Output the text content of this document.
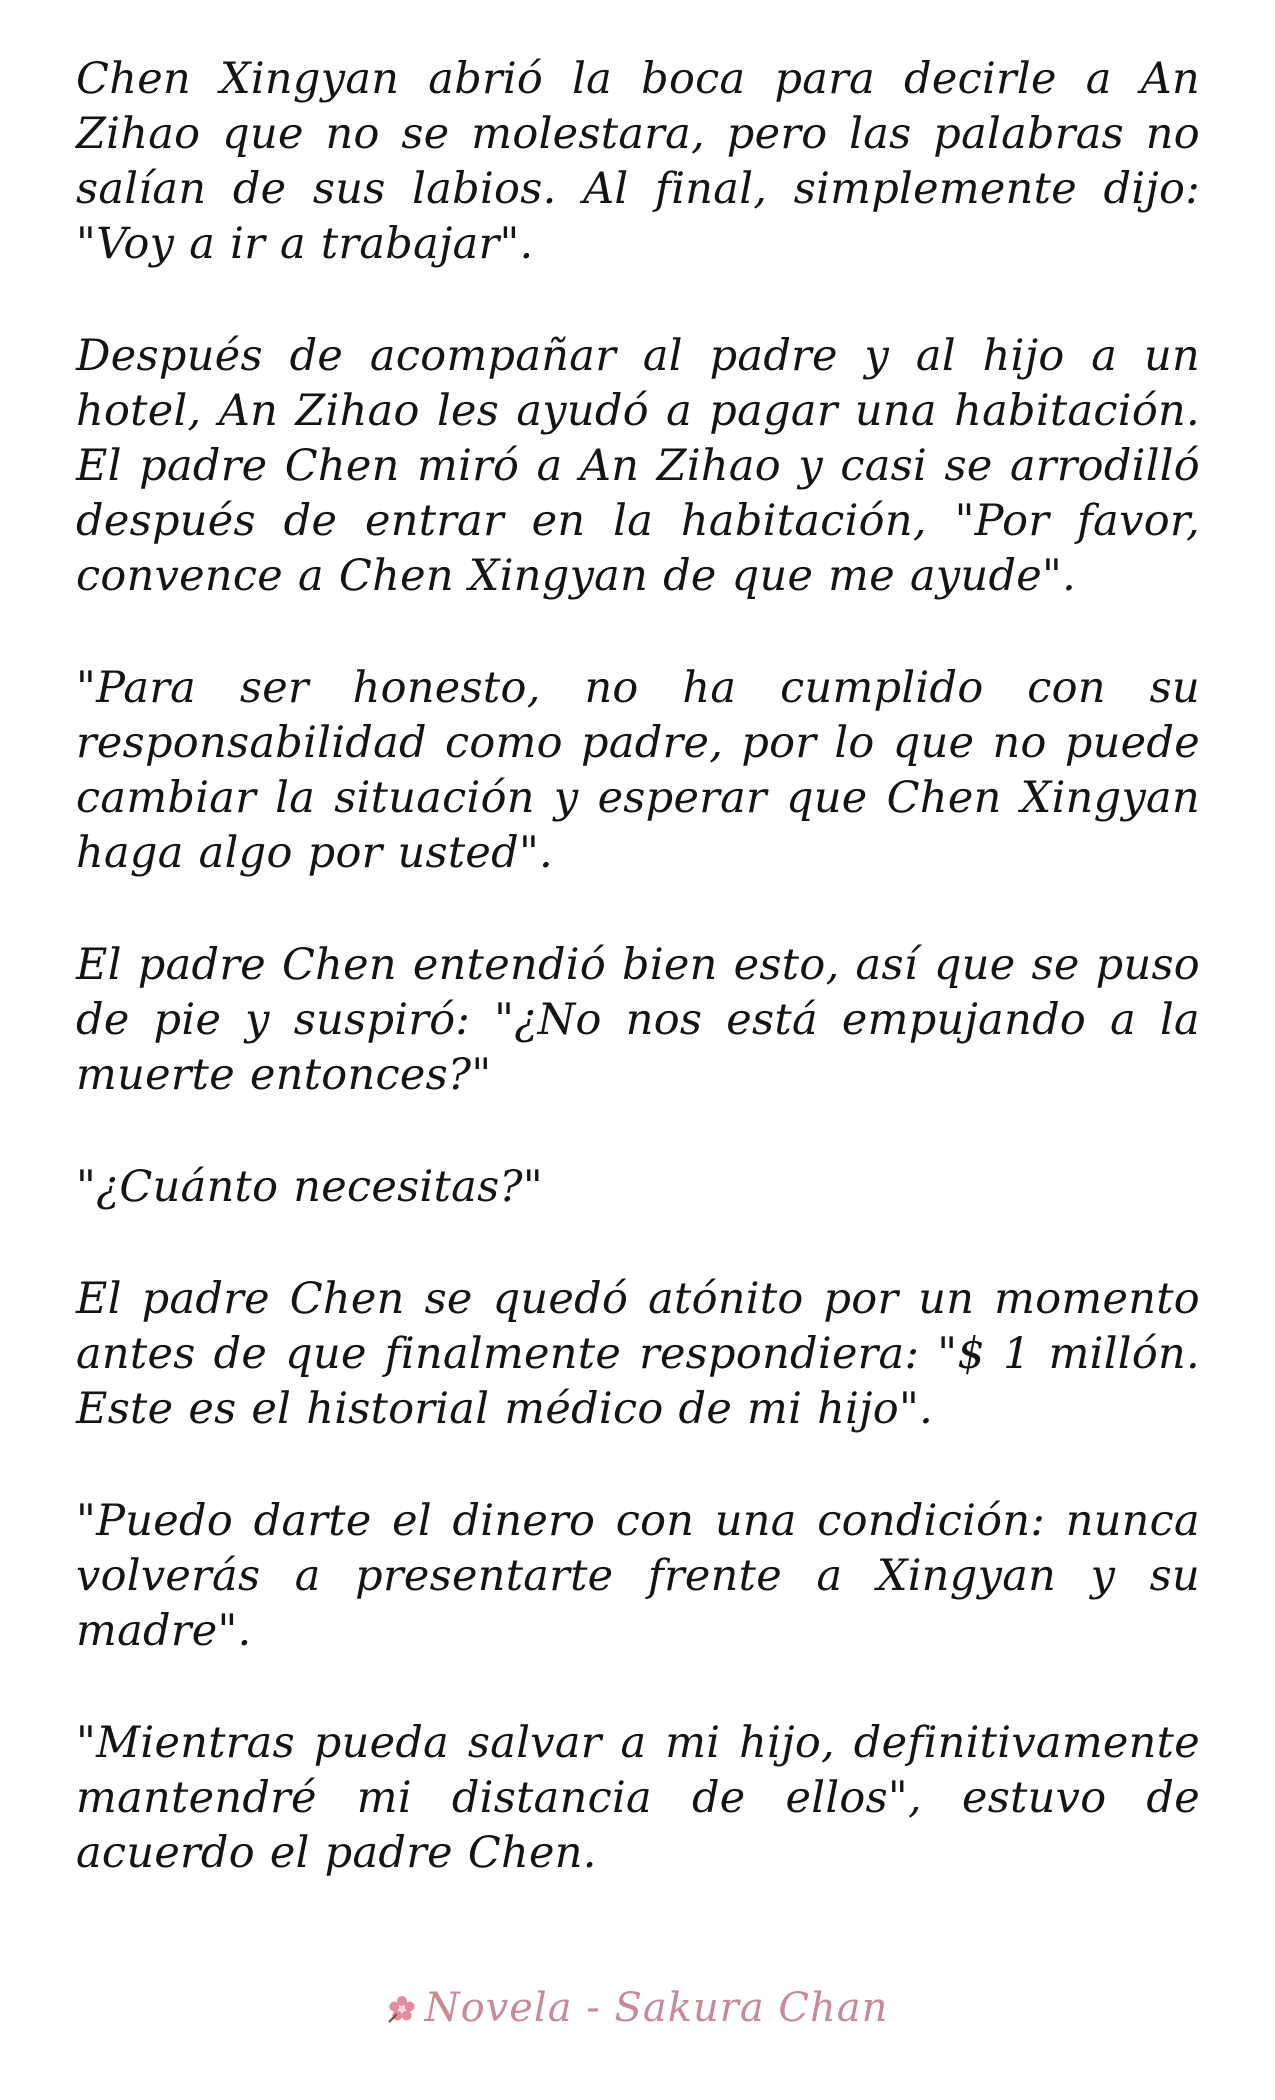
Chen Xingyan abrió la boca para decirle a An Zihao que no se molestara, pero las palabras no salían de sus labios. Al final, simplemente dijo: "Voy a ir a trabajar".

Después de acompañar al padre y al hijo a un hotel, An Zihao les ayudó a pagar una habitación. El padre Chen miró a An Zihao y casi se arrodilló después de entrar en la habitación, "Por favor, convence a Chen Xingyan de que me ayude".

"Para ser honesto, no ha cumplido con su responsabilidad como padre, por lo que no puede cambiar la situación y esperar que Chen Xingyan haga algo por usted".

El padre Chen entendió bien esto, así que se puso de pie y suspiró: "¿No nos está empujando a la muerte entonces?"

"¿Cuánto necesitas?"

El padre Chen se quedó atónito por un momento antes de que finalmente respondiera: "$ 1 millón. Este es el historial médico de mi hijo".

"Puedo darte el dinero con una condición: nunca volverás a presentarte frente a Xingyan y su madre".

"Mientras pueda salvar a mi hijo, definitivamente mantendré mi distancia de ellos", estuvo de acuerdo el padre Chen.

Novela - Sakura Chan
